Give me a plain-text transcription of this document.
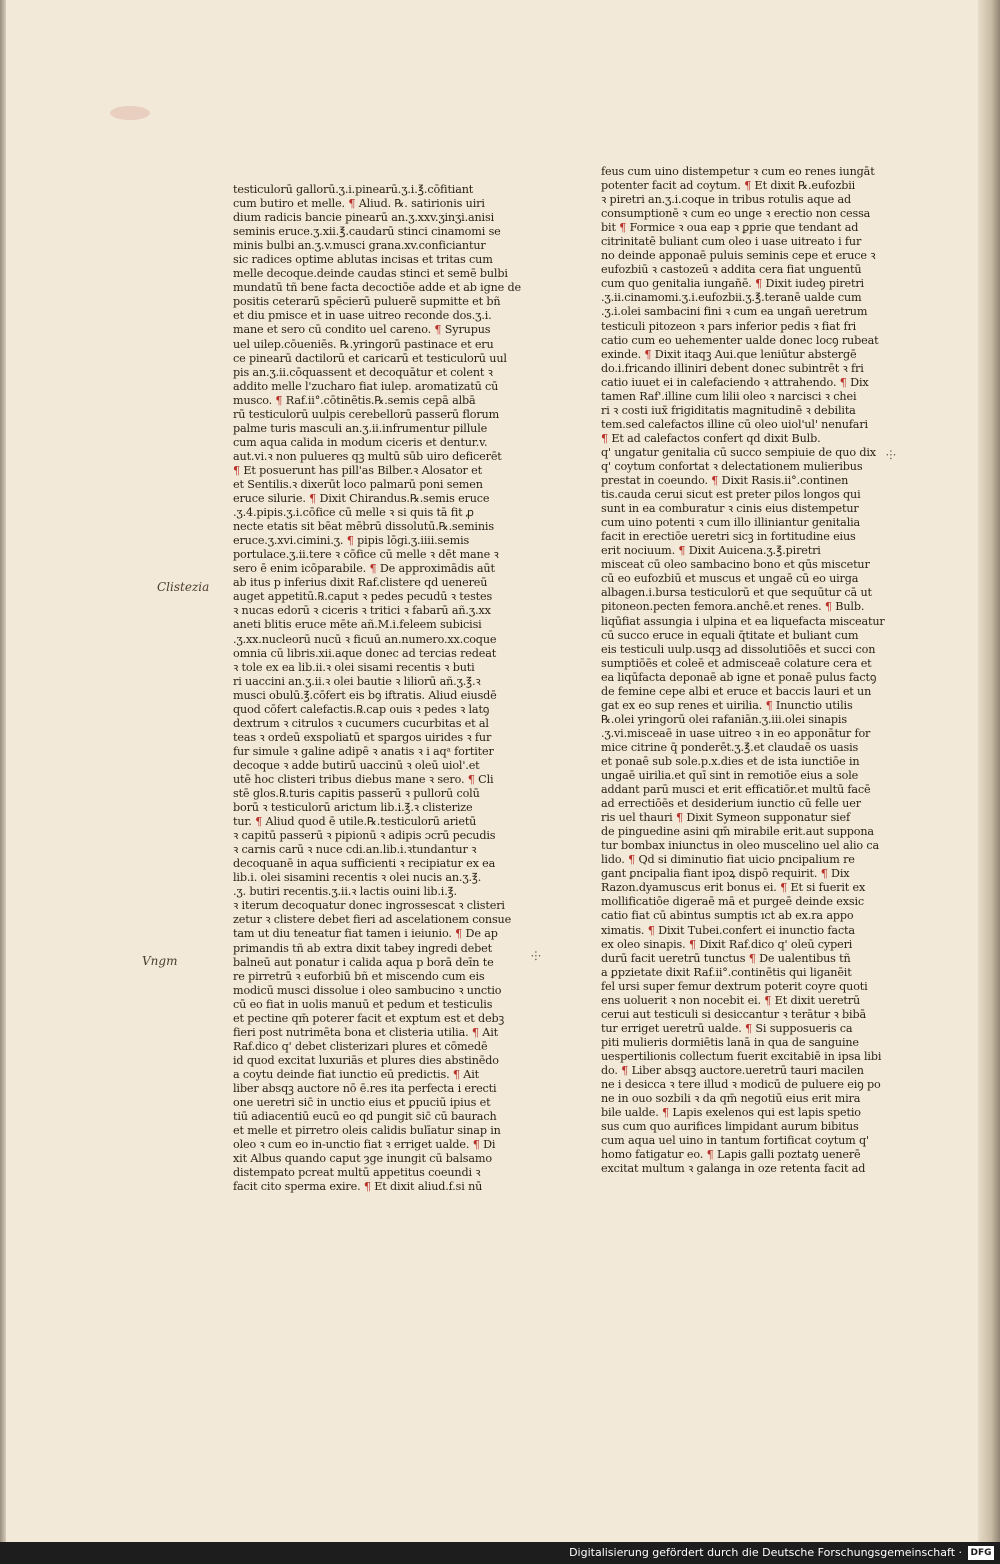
testiculorū gallorū.ʒ.i.pinearū.ʒ.i.℥.cōfitiant
cum butiro et melle. ¶ Aliud. ℞. satirionis uiri
dium radicis bancie pinearū an.ʒ.xxv.ʒinʒi.anisi
seminis eruce.ʒ.xii.℥.caudarū stinci cinamomi se
minis bulbi an.ʒ.v.musci grana.xv.conficiantur
sic radices optime ablutas incisas et tritas cum
melle decoque.deinde caudas stinci et semē bulbi
mundatū tñ bene facta decoctiōe adde et ab igne de
positis ceterarū spēcierū puluerē supmitte et bñ
et diu pmisce et in uase uitreo reconde dos.ʒ.i.
mane et sero cū condito uel careno. ¶ Syrupus
uel uilep.cōueniēs. ℞.yringorū pastinace et eru
ce pinearū dactilorū et caricarū et testiculorū uul
pis an.ʒ.ii.cōquassent et decoquātur et colent ꝛ
addito melle l'zucharo fiat iulep. aromatizatū cū
musco. ¶ Raf.ii°.cōtinētis.℞.semis cepā albā
rū testiculorū uulpis cerebellorū passerū florum
palme turis masculi an.ʒ.ii.infrumentur pillule
cum aqua calida in modum ciceris et dentur.v.
aut.vi.ꝛ non pulueres qꝫ multū sūb uiro deficerēt
¶ Et posuerunt has pill'as Bilber.ꝛ Alosator et
et Sentilis.ꝛ dixerūt loco palmarū poni semen
eruce silurie. ¶ Dixit Chirandus.℞.semis eruce
.ʒ.4.pipis.ʒ.i.cōfice cū melle ꝛ si quis tā fit ꝓ
necte etatis sit bēat mēbrū dissolutū.℞.seminis
eruce.ʒ.xvi.cimini.ʒ. ¶ pipis lōgi.ʒ.iiii.semis
portulace.ʒ.ii.tere ꝛ cōfice cū melle ꝛ dēt mane ꝛ
sero ē enim icōparabile. ¶ De approximādis aūt
ab itus p inferius dixit Raf.clistere qd uenereū
auget appetitū.℞.caput ꝛ pedes pecudū ꝛ testes
ꝛ nucas edorū ꝛ ciceris ꝛ tritici ꝛ fabarū añ.ʒ.xx
aneti blitis eruce mēte añ.M.i.feleem subicisi
.ʒ.xx.nucleorū nucū ꝛ ficuū an.numero.xx.coque
omnia cū libris.xii.aque donec ad tercias redeat
ꝛ tole ex ea lib.ii.ꝛ olei sisami recentis ꝛ buti
ri uaccini an.ʒ.ii.ꝛ olei bautie ꝛ liliorū añ.ʒ.℥.ꝛ
musci obulū.℥.cōfert eis bꝯ iftratis. Aliud eiusdē
quod cōfert calefactis.℞.cap ouis ꝛ pedes ꝛ latꝯ
dextrum ꝛ citrulos ꝛ cucumers cucurbitas et al
teas ꝛ ordeū exspoliatū et spargos uirides ꝛ fur
fur simule ꝛ galine adipē ꝛ anatis ꝛ i aqᵃ fortiter
decoque ꝛ adde butirū uaccinū ꝛ oleū uiol'.et
utē hoc clisteri tribus diebus mane ꝛ sero. ¶ Cli
stē glos.℞.turis capitis passerū ꝛ pullorū colū
borū ꝛ testiculorū arictum lib.i.℥.ꝛ clisterize
tur. ¶ Aliud quod ē utile.℞.testiculorū arietū
ꝛ capitū passerū ꝛ pipionū ꝛ adipis ɔcrū pecudis
ꝛ carnis carū ꝛ nuce cdi.an.lib.i.ꝛtundantur ꝛ
decoquanē in aqua sufficienti ꝛ recipiatur ex ea
lib.i. olei sisamini recentis ꝛ olei nucis an.ʒ.℥.
.ʒ. butiri recentis.ʒ.ii.ꝛ lactis ouini lib.i.℥.
ꝛ iterum decoquatur donec ingrossescat ꝛ clisteri
zetur ꝛ clistere debet fieri ad ascelationem consue
tam ut diu teneatur fiat tamen i ieiunio. ¶ De ap
primandis tñ ab extra dixit tabey ingredi debet
balneū aut ponatur i calida aqua p borā deīn te
re pirretrū ꝛ euforbiū bñ et miscendo cum eis
modicū musci dissolue i oleo sambucino ꝛ unctio
cū eo fiat in uolis manuū et pedum et testiculis
et pectine qm̄ poterer facit et exptum est et debꝫ
fieri post nutrimēta bona et clisteria utilia. ¶ Ait
Raf.dico q' debet clisterizari plures et cōmedē
id quod excitat luxuriās et plures dies abstinēdo
a coytu deinde fiat iunctio eū predictis. ¶ Ait
liber absqꝫ auctore nō ē.res ita perfecta i erecti
one ueretri sic̄ in unctio eius et ꝑpuciū ipius et
tiū adiacentiū eucū eo qd pungit sic̄ cū baurach
et melle et pirretro oleis calidis bulīatur sinap in
oleo ꝛ cum eo in-unctio fiat ꝛ erriget ualde. ¶ Di
xit Albus quando caput ȝge inungit cū balsamo
distempato pcreat multū appetitus coeundi ꝛ
facit cito sperma exire. ¶ Et dixit aliud.f.si nū
feus cum uino distempetur ꝛ cum eo renes iungāt
potenter facit ad coytum. ¶ Et dixit ℞.eufozbii
ꝛ piretri an.ʒ.i.coque in tribus rotulis aque ad
consumptionē ꝛ cum eo unge ꝛ erectio non cessa
bit ¶ Formice ꝛ oua eap ꝛ ꝑprie que tendant ad
citrinitatē buliant cum oleo i uase uitreato i fur
no deinde apponaē puluis seminis cepe et eruce ꝛ
eufozbiū ꝛ castozeū ꝛ addita cera fiat unguentū
cum quo genitalia iungan̄ē. ¶ Dixit iudeꝯ piretri
.ʒ.ii.cinamomi.ʒ.i.eufozbii.ʒ.℥.teranē ualde cum
.ʒ.i.olei sambacini fini ꝛ cum ea ungan̄ ueretrum
testiculi pitozeon ꝛ pars inferior pedis ꝛ fiat fri
catio cum eo uehementer ualde donec locꝯ rubeat
exinde. ¶ Dixit itaqꝫ Aui.que leniūtur abstergē
do.i.fricando illiniri debent donec subintrēt ꝛ fri
catio iuuet ei in calefaciendo ꝛ attrahendo. ¶ Dix
tamen Raf'.illine cum lilii oleo ꝛ narcisci ꝛ chei
ri ꝛ costi iux̄ frigiditatis magnitudinē ꝛ debilita
tem.sed calefactos illine cū oleo uiol'ul' nenufari
¶ Et ad calefactos confert qd dixit Bulb.
q' ungatur genitalia cū succo sempiuie de quo dix
q' coytum confortat ꝛ delectationem mulieribus
prestat in coeundo. ¶ Dixit Rasis.ii°.continen
tis.cauda cerui sicut est preter pilos longos qui
sunt in ea comburatur ꝛ cinis eius distempetur
cum uino potenti ꝛ cum illo illiniantur genitalia
facit in erectiōe ueretri sicꝫ in fortitudine eius
erit nociuum. ¶ Dixit Auicena.ʒ.℥.piretri
misceat cū oleo sambacino bono et qūs miscetur
cū eo eufozbiū et muscus et ungaē cū eo uirga
albagen.i.bursa testiculorū et que sequūtur cā ut
pitoneon.pecten femora.anchē.et renes. ¶ Bulb.
liqūfiat assungia i ulpina et ea liquefacta misceatur
cū succo eruce in equali q̄titate et buliant cum
eis testiculi uulp.usqꝫ ad dissolutiōēs et succi con
sumptiōēs et coleē et admisceaē colature cera et
ea liqūfacta deponaē ab igne et ponaē pulus factꝯ
de femine cepe albi et eruce et baccis lauri et un
gat ex eo sup renes et uirilia. ¶ Inunctio utilis
℞.olei yringorū olei rafaniān.ʒ.iii.olei sinapis
.ʒ.vi.misceaē in uase uitreo ꝛ in eo apponātur for
mice citrine q̄ ponderēt.ʒ.℥.et claudaē os uasis
et ponaē sub sole.p.x.dies et de ista iunctiōe in
ungaē uirilia.et quī sint in remotiōe eius a sole
addant parū musci et erit efficatiōr.et multū facē
ad errectiōēs et desiderium iunctio cū felle uer
ris uel thauri ¶ Dixit Symeon supponatur sief
de pinguedine asini qm̄ mirabile erit.aut suppona
tur bombax iniunctus in oleo muscelino uel alio ca
lido. ¶ Qd si diminutio fiat uicio ꝑncipalium re
gant ꝑncipalia fiant ipoꝝ dispō requirit. ¶ Dix
Razon.dyamuscus erit bonus ei. ¶ Et si fuerit ex
mollificatiōe digeraē mā et purgeē deinde exsic
catio fiat cū abintus sumptis ıct ab ex.ra appo
ximatis. ¶ Dixit Tubei.confert ei inunctio facta
ex oleo sinapis. ¶ Dixit Raf.dico q' oleū cyperi
durū facit ueretrū tunctus ¶ De ualentibus tñ
a ꝑpzietate dixit Raf.ii°.continētis qui liganēit
fel ursi super femur dextrum poterit coyre quoti
ens uoluerit ꝛ non nocebit ei. ¶ Et dixit ueretrū
cerui aut testiculi si desiccantur ꝛ terātur ꝛ bibā
tur erriget ueretrū ualde. ¶ Si supposueris ca
piti mulieris dormiētis lanā in qua de sanguine
uespertilionis collectum fuerit excitabiē in ipsa libi
do. ¶ Liber absqꝫ auctore.ueretrū tauri macilen
ne i desicca ꝛ tere illud ꝛ modicū de puluere eiꝯ po
ne in ouo sozbili ꝛ da qm̄ negotiū eius erit mira
bile ualde. ¶ Lapis exelenos qui est lapis spetio
sus cum quo aurifices limpidant aurum bibitus
cum aqua uel uino in tantum fortificat coytum q'
homo fatigatur eo. ¶ Lapis galli poztatꝯ uenerē
excitat multum ꝛ galanga in oze retenta facit ad
Clistezia
Vngm
⸭
⸭
Digitalisierung gefördert durch die Deutsche Forschungsgemeinschaft · DFG
